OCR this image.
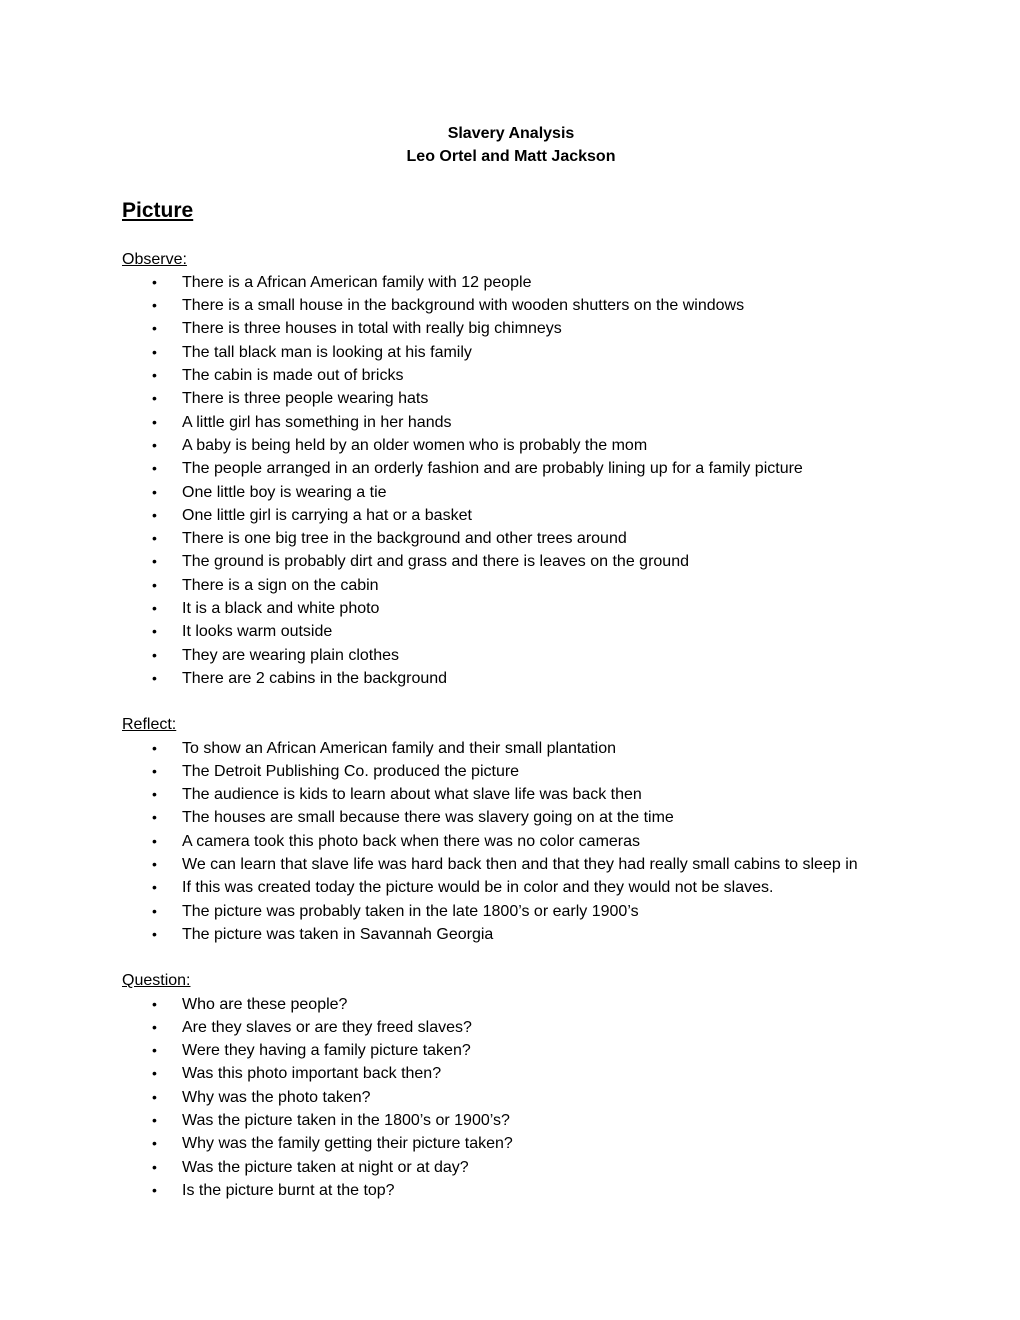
Slavery Analysis
Leo Ortel and Matt Jackson
Picture
Observe:
•	There is a African American family with 12 people
•	There is a small house in the background with wooden shutters on the windows
•	There is three houses in total with really big chimneys
•	The tall black man is looking at his family
•	The cabin is made out of bricks
•	There is three people wearing hats
•	A little girl has something in her hands
•	A baby is being held by an older women who is probably the mom
•	The people arranged in an orderly fashion and are probably lining up for a family picture
•	One little boy is wearing a tie
•	One little girl is carrying a hat or a basket
•	There is one big tree in the background and other trees around
•	The ground is probably dirt and grass and there is leaves on the ground
•	There is a sign on the cabin
•	It is a black and white photo
•	It looks warm outside
•	They are wearing plain clothes
•	There are 2 cabins in the background
Reflect:
•	To show an African American family and their small plantation
•	The Detroit Publishing Co. produced the picture
•	The audience is kids to learn about what slave life was back then
•	The houses are small because there was slavery going on at the time
•	A camera took this photo back when there was no color cameras
•	We can learn that slave life was hard back then and that they had really small cabins to sleep in
•	If this was created today the picture would be in color and they would not be slaves.
•	The picture was probably taken in the late 1800’s or early 1900’s
•	The picture was taken in Savannah Georgia
Question:
•	Who are these people?
•	Are they slaves or are they freed slaves?
•	Were they having a family picture taken?
•	Was this photo important back then?
•	Why was the photo taken?
•	Was the picture taken in the 1800’s or 1900’s?
•	Why was the family getting their picture taken?
•	Was the picture taken at night or at day?
•	Is the picture burnt at the top?
